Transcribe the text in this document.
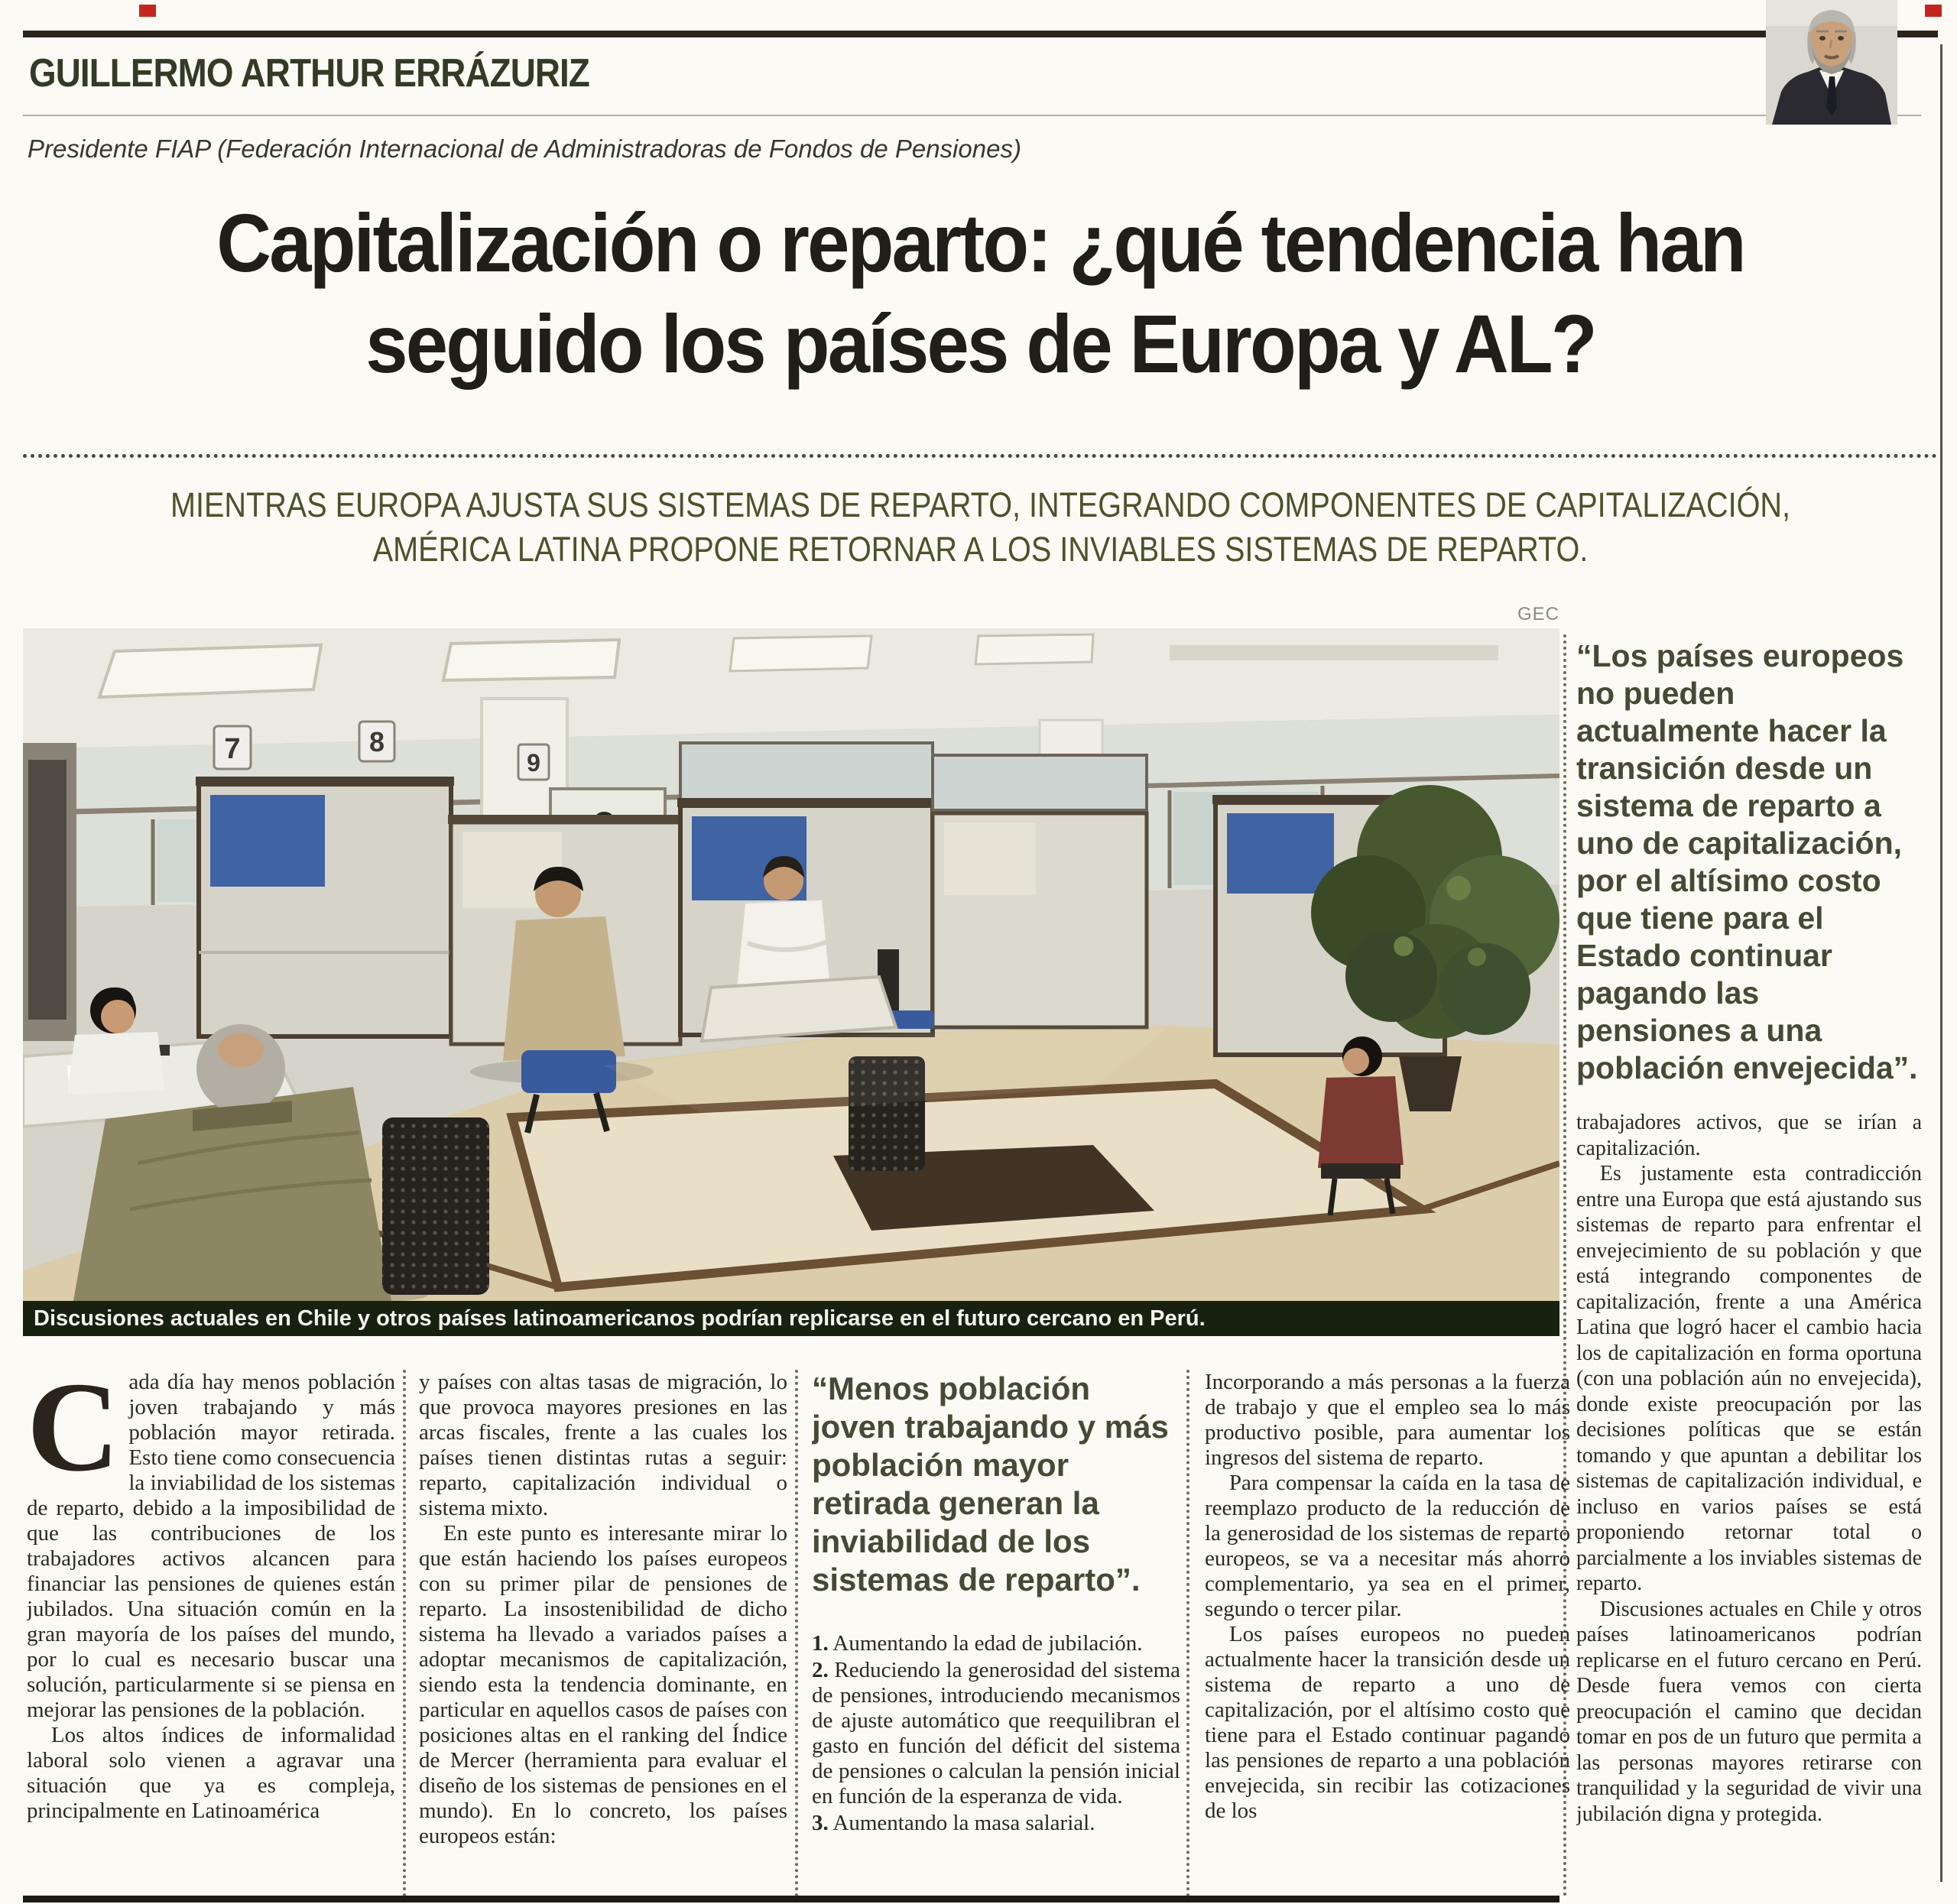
GUILLERMO ARTHUR ERRÁZURIZ
Presidente FIAP (Federación Internacional de Administradoras de Fondos de Pensiones)
Capitalización o reparto: ¿qué tendencia han
seguido los países de Europa y AL?
MIENTRAS EUROPA AJUSTA SUS SISTEMAS DE REPARTO, INTEGRANDO COMPONENTES DE CAPITALIZACIÓN,
AMÉRICA LATINA PROPONE RETORNAR A LOS INVIABLES SISTEMAS DE REPARTO.
GEC
7	8
9
Discusiones actuales en Chile y otros países latinoamericanos podrían replicarse en el futuro cercano en Perú.
“Los países europeos no pueden actualmente hacer la transición desde un sistema de reparto a uno de capitalización, por el altísimo costo que tiene para el Estado continuar pagando las pensiones a una población envejecida”.

trabajadores activos, que se irían a capitalización.

Es justamente esta contradicción entre una Europa que está ajustando sus sistemas de reparto para enfrentar el envejecimiento de su población y que está integrando componentes de capitalización, frente a una América Latina que logró hacer el cambio hacia los de capitalización en forma oportuna (con una población aún no envejecida), donde existe preocupación por las decisiones políticas que se están tomando y que apuntan a debilitar los sistemas de capitalización individual, e incluso en varios países se está proponiendo retornar total o parcialmente a los inviables sistemas de reparto.

Discusiones actuales en Chile y otros países latinoamericanos podrían replicarse en el futuro cercano en Perú. Desde fuera vemos con cierta preocupación el camino que decidan tomar en pos de un futuro que permita a las personas mayores retirarse con tranquilidad y la seguridad de vivir una jubilación digna y protegida.

Cada día hay menos población joven trabajando y más población mayor retirada. Esto tiene como consecuencia la inviabilidad de los sistemas de reparto, debido a la imposibilidad de que las contribuciones de los trabajadores activos alcancen para financiar las pensiones de quienes están jubilados. Una situación común en la gran mayoría de los países del mundo, por lo cual es necesario buscar una solución, particularmente si se piensa en mejorar las pensiones de la población.

Los altos índices de informalidad laboral solo vienen a agravar una situación que ya es compleja, principalmente en Latinoamérica

y países con altas tasas de migración, lo que provoca mayores presiones en las arcas fiscales, frente a las cuales los países tienen distintas rutas a seguir: reparto, capitalización individual o sistema mixto.

En este punto es interesante mirar lo que están haciendo los países europeos con su primer pilar de pensiones de reparto. La insostenibilidad de dicho sistema ha llevado a variados países a adoptar mecanismos de capitalización, siendo esta la tendencia dominante, en particular en aquellos casos de países con posiciones altas en el ranking del Índice de Mercer (herramienta para evaluar el diseño de los sistemas de pensiones en el mundo). En lo concreto, los países europeos están:

“Menos población joven trabajando y más población mayor retirada generan la inviabilidad de los sistemas de reparto”.
1. Aumentando la edad de jubilación.
2. Reduciendo la generosidad del sistema de pensiones, introduciendo mecanismos de ajuste automático que reequilibran el gasto en función del déficit del sistema de pensiones o calculan la pensión inicial en función de la esperanza de vida.
3. Aumentando la masa salarial.

Incorporando a más personas a la fuerza de trabajo y que el empleo sea lo más productivo posible, para aumentar los ingresos del sistema de reparto.

Para compensar la caída en la tasa de reemplazo producto de la reducción de la generosidad de los sistemas de reparto europeos, se va a necesitar más ahorro complementario, ya sea en el primer, segundo o tercer pilar.

Los países europeos no pueden actualmente hacer la transición desde un sistema de reparto a uno de capitalización, por el altísimo costo que tiene para el Estado continuar pagando las pensiones de reparto a una población envejecida, sin recibir las cotizaciones de los
